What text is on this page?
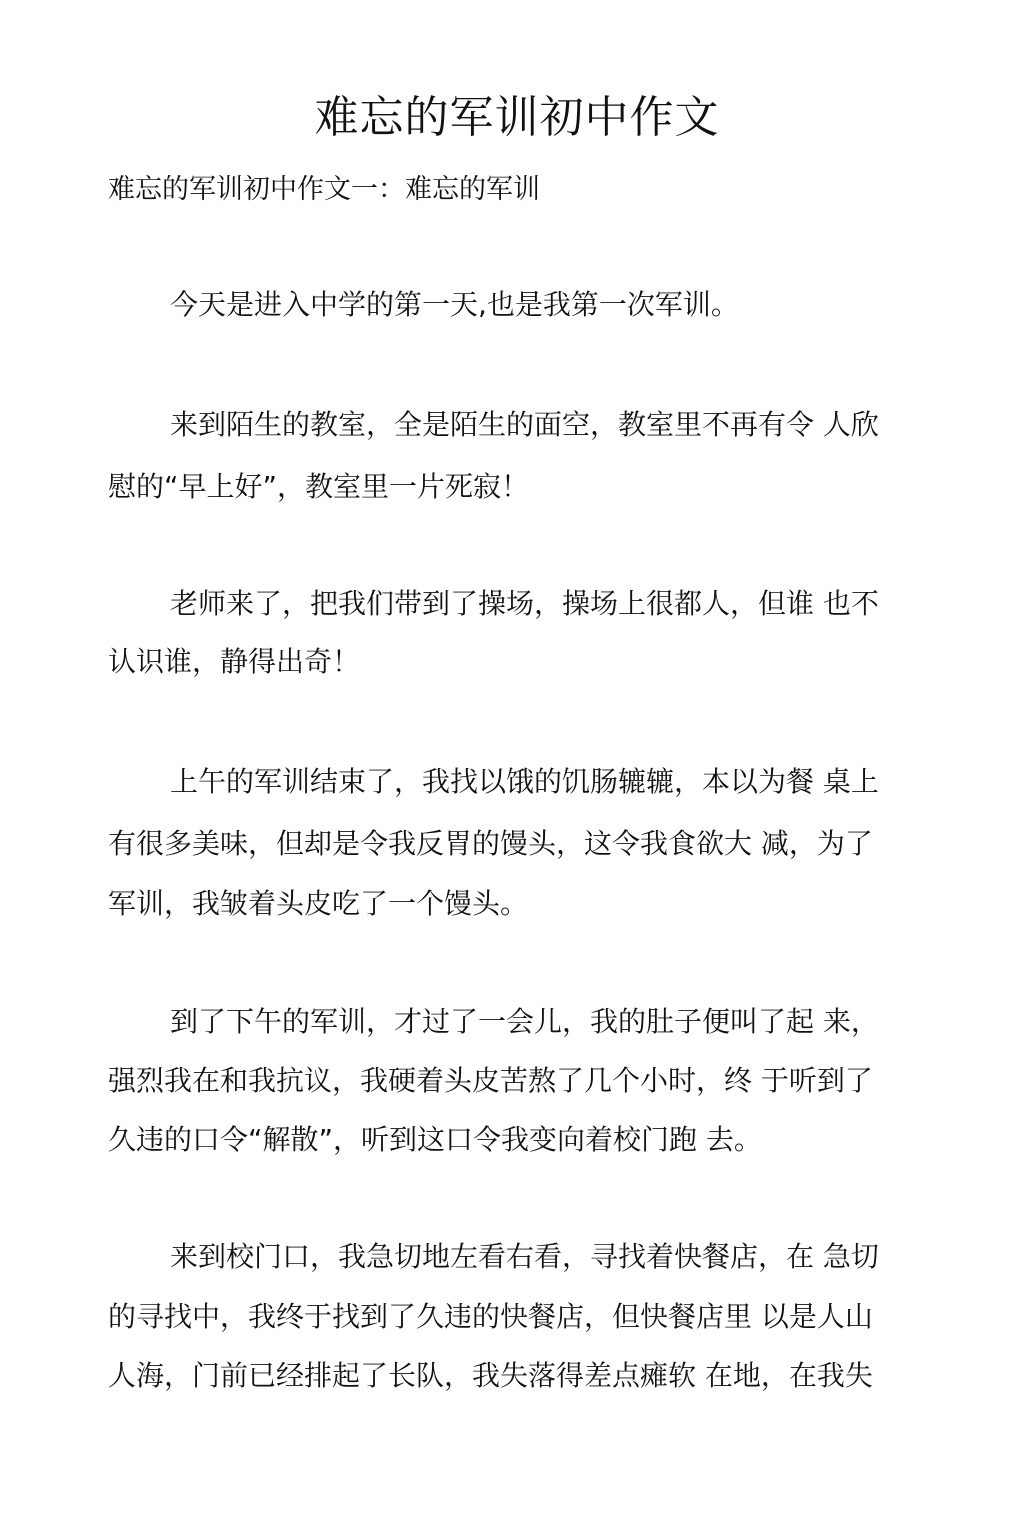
难忘的军训初中作文

难忘的军训初中作文一：难忘的军训

今天是进入中学的第一天,也是我第一次军训。

来到陌生的教室，全是陌生的面空，教室里不再有令 人欣

慰的“早上好”，教室里一片死寂！

老师来了，把我们带到了操场，操场上很都人，但谁 也不

认识谁，静得出奇！

上午的军训结束了，我找以饿的饥肠辘辘，本以为餐 桌上

有很多美味，但却是令我反胃的馒头，这令我食欲大 减，为了

军训，我皱着头皮吃了一个馒头。

到了下午的军训，才过了一会儿，我的肚子便叫了起 来，

强烈我在和我抗议，我硬着头皮苦熬了几个小时，终 于听到了

久违的口令“解散”，听到这口令我变向着校门跑 去。

来到校门口，我急切地左看右看，寻找着快餐店，在 急切

的寻找中，我终于找到了久违的快餐店，但快餐店里 以是人山

人海，门前已经排起了长队，我失落得差点瘫软 在地，在我失
